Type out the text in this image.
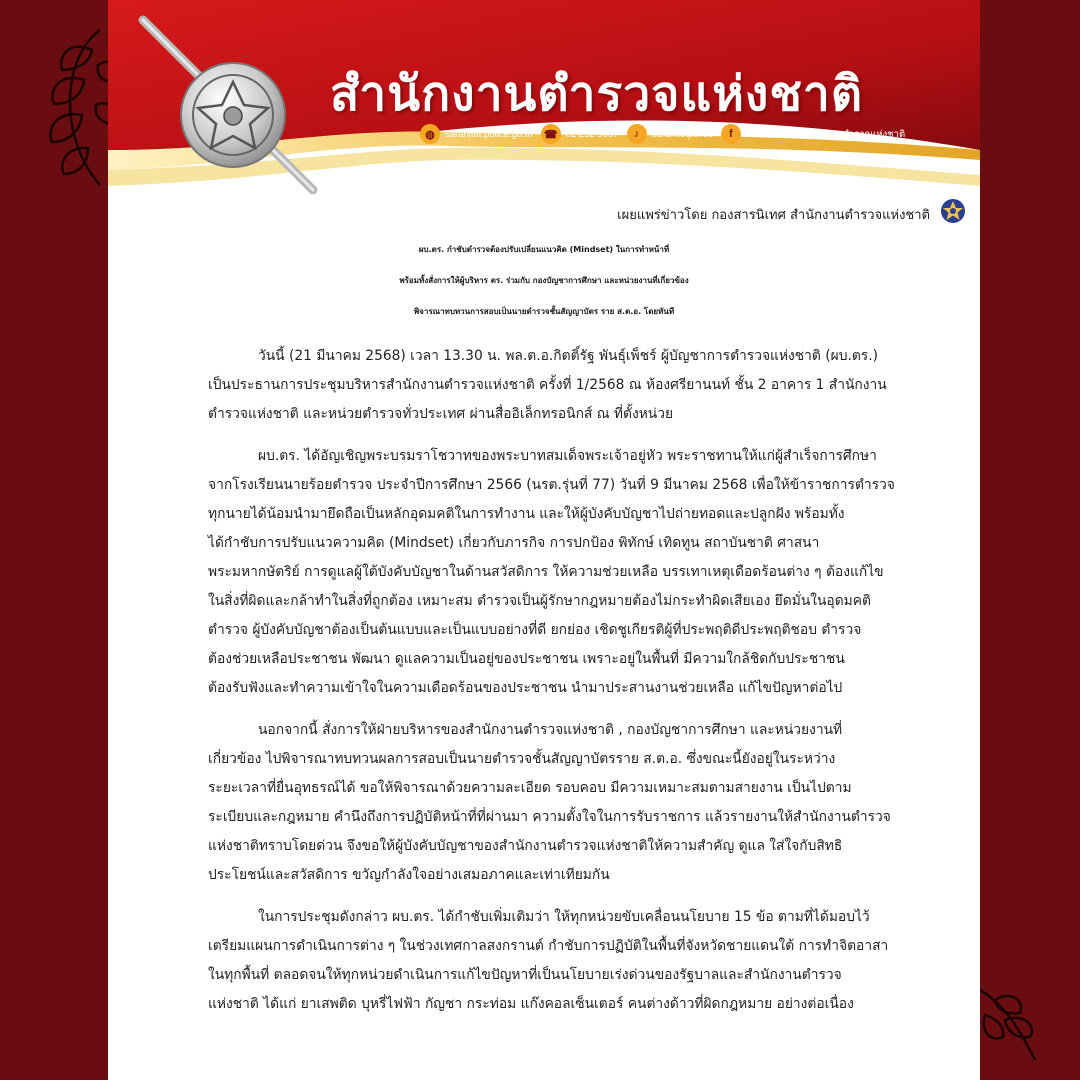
สำนักงานตำรวจแห่งชาติ
◍	saranitet.police.go.th ☎ 02 252 9887	♪	saranitetpolice	f	กองสารนิเทศ สำนักงานตำรวจแห่งชาติ
เผยแพร่ข่าวโดย กองสารนิเทศ สำนักงานตำรวจแห่งชาติ
ผบ.ตร. กำชับตำรวจต้องปรับเปลี่ยนแนวคิด (Mindset) ในการทำหน้าที่
พร้อมทั้งสั่งการให้ผู้บริหาร ตร. ร่วมกับ กองบัญชาการศึกษา และหน่วยงานที่เกี่ยวข้อง
พิจารณาทบทวนการสอบเป็นนายตำรวจชั้นสัญญาบัตร ราย ส.ต.อ. โดยทันที
วันนี้ (21 มีนาคม 2568) เวลา 13.30 น. พล.ต.อ.กิตติ์รัฐ พันธุ์เพ็ชร์ ผู้บัญชาการตำรวจแห่งชาติ (ผบ.ตร.)
เป็นประธานการประชุมบริหารสำนักงานตำรวจแห่งชาติ ครั้งที่ 1/2568 ณ ห้องศรียานนท์ ชั้น 2 อาคาร 1 สำนักงาน
ตำรวจแห่งชาติ และหน่วยตำรวจทั่วประเทศ ผ่านสื่ออิเล็กทรอนิกส์ ณ ที่ตั้งหน่วย
ผบ.ตร. ได้อัญเชิญพระบรมราโชวาทของพระบาทสมเด็จพระเจ้าอยู่หัว พระราชทานให้แก่ผู้สำเร็จการศึกษา
จากโรงเรียนนายร้อยตำรวจ ประจำปีการศึกษา 2566 (นรต.รุ่นที่ 77) วันที่ 9 มีนาคม 2568 เพื่อให้ข้าราชการตำรวจ
ทุกนายได้น้อมนำมายึดถือเป็นหลักอุดมคติในการทำงาน และให้ผู้บังคับบัญชาไปถ่ายทอดและปลูกฝัง พร้อมทั้ง
ได้กำชับการปรับแนวความคิด (Mindset) เกี่ยวกับภารกิจ การปกป้อง พิทักษ์ เทิดทูน สถาบันชาติ ศาสนา
พระมหากษัตริย์ การดูแลผู้ใต้บังคับบัญชาในด้านสวัสดิการ ให้ความช่วยเหลือ บรรเทาเหตุเดือดร้อนต่าง ๆ ต้องแก้ไข
ในสิ่งที่ผิดและกล้าทำในสิ่งที่ถูกต้อง เหมาะสม ตำรวจเป็นผู้รักษากฎหมายต้องไม่กระทำผิดเสียเอง ยึดมั่นในอุดมคติ
ตำรวจ ผู้บังคับบัญชาต้องเป็นต้นแบบและเป็นแบบอย่างที่ดี ยกย่อง เชิดชูเกียรติผู้ที่ประพฤติดีประพฤติชอบ ตำรวจ
ต้องช่วยเหลือประชาชน พัฒนา ดูแลความเป็นอยู่ของประชาชน เพราะอยู่ในพื้นที่ มีความใกล้ชิดกับประชาชน
ต้องรับฟังและทำความเข้าใจในความเดือดร้อนของประชาชน นำมาประสานงานช่วยเหลือ แก้ไขปัญหาต่อไป
นอกจากนี้ สั่งการให้ฝ่ายบริหารของสำนักงานตำรวจแห่งชาติ , กองบัญชาการศึกษา และหน่วยงานที่
เกี่ยวข้อง ไปพิจารณาทบทวนผลการสอบเป็นนายตำรวจชั้นสัญญาบัตรราย ส.ต.อ. ซึ่งขณะนี้ยังอยู่ในระหว่าง
ระยะเวลาที่ยื่นอุทธรณ์ได้ ขอให้พิจารณาด้วยความละเอียด รอบคอบ มีความเหมาะสมตามสายงาน เป็นไปตาม
ระเบียบและกฎหมาย คำนึงถึงการปฏิบัติหน้าที่ที่ผ่านมา ความตั้งใจในการรับราชการ แล้วรายงานให้สำนักงานตำรวจ
แห่งชาติทราบโดยด่วน จึงขอให้ผู้บังคับบัญชาของสำนักงานตำรวจแห่งชาติให้ความสำคัญ ดูแล ใส่ใจกับสิทธิ
ประโยชน์และสวัสดิการ ขวัญกำลังใจอย่างเสมอภาคและเท่าเทียมกัน
ในการประชุมดังกล่าว ผบ.ตร. ได้กำชับเพิ่มเติมว่า ให้ทุกหน่วยขับเคลื่อนนโยบาย 15 ข้อ ตามที่ได้มอบไว้
เตรียมแผนการดำเนินการต่าง ๆ ในช่วงเทศกาลสงกรานต์ กำชับการปฏิบัติในพื้นที่จังหวัดชายแดนใต้ การทำจิตอาสา
ในทุกพื้นที่ ตลอดจนให้ทุกหน่วยดำเนินการแก้ไขปัญหาที่เป็นนโยบายเร่งด่วนของรัฐบาลและสำนักงานตำรวจ
แห่งชาติ ได้แก่ ยาเสพติด บุหรี่ไฟฟ้า กัญชา กระท่อม แก๊งคอลเซ็นเตอร์ คนต่างด้าวที่ผิดกฎหมาย อย่างต่อเนื่อง
